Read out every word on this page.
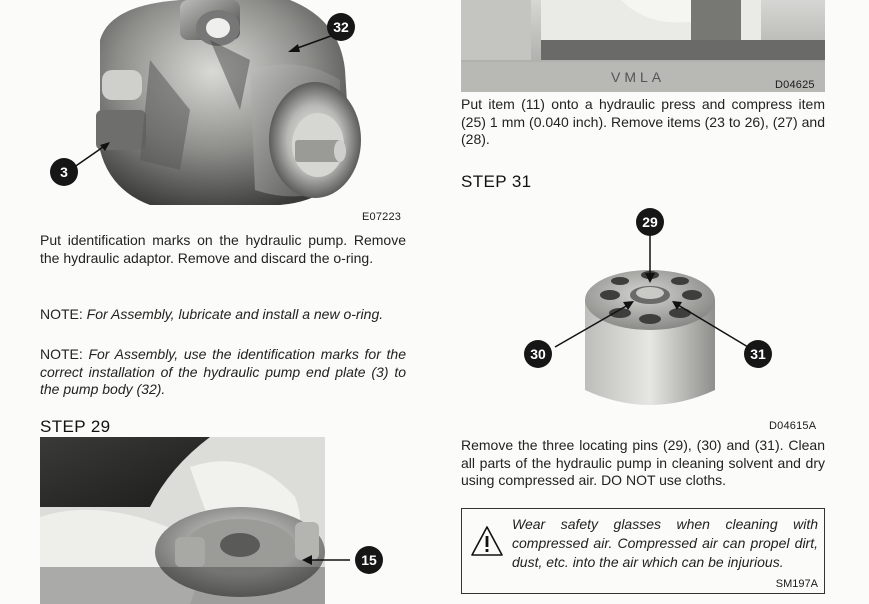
32
3
E07223
Put identification marks on the hydraulic pump. Remove the hydraulic adaptor. Remove and discard the o-ring.
NOTE: For Assembly, lubricate and install a new o-ring.
NOTE: For Assembly, use the identification marks for the correct installation of the hydraulic pump end plate (3) to the pump body (32).
STEP 29
15
VMLA	D04625
Put item (11) onto a hydraulic press and compress item (25) 1 mm (0.040 inch). Remove items (23 to 26), (27) and (28).
STEP 31
29
30	31
D04615A
Remove the three locating pins (29), (30) and (31). Clean all parts of the hydraulic pump in cleaning solvent and dry using compressed air. DO NOT use cloths.
Wear safety glasses when cleaning with compressed air. Compressed air can propel dirt, dust, etc. into the air which can be injurious.
SM197A
